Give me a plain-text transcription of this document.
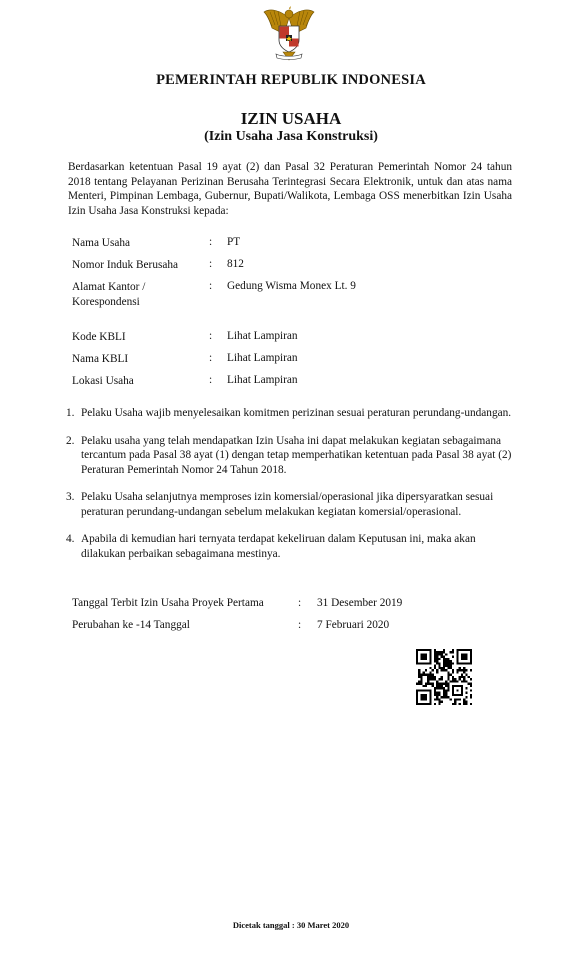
PEMERINTAH REPUBLIK INDONESIA
IZIN USAHA
(Izin Usaha Jasa Konstruksi)

Berdasarkan ketentuan Pasal 19 ayat (2) dan Pasal 32 Peraturan Pemerintah Nomor 24 tahun 2018 tentang Pelayanan Perizinan Berusaha Terintegrasi Secara Elektronik, untuk dan atas nama Menteri, Pimpinan Lembaga, Gubernur, Bupati/Walikota, Lembaga OSS menerbitkan Izin Usaha Izin Usaha Jasa Konstruksi kepada:

Nama Usaha	: PT
Nomor Induk Berusaha	: 812
Alamat Kantor /
Korespondensi
: Gedung Wisma Monex Lt. 9
Kode KBLI	: Lihat Lampiran
Nama KBLI	: Lihat Lampiran
Lokasi Usaha	: Lihat Lampiran
1. Pelaku Usaha wajib menyelesaikan komitmen perizinan sesuai peraturan perundang-undangan.
2. Pelaku usaha yang telah mendapatkan Izin Usaha ini dapat melakukan kegiatan sebagaimana tercantum pada Pasal 38 ayat (1) dengan tetap memperhatikan ketentuan pada Pasal 38 ayat (2) Peraturan Pemerintah Nomor 24 Tahun 2018.
3. Pelaku Usaha selanjutnya memproses izin komersial/operasional jika dipersyaratkan sesuai peraturan perundang-undangan sebelum melakukan kegiatan komersial/operasional.
4. Apabila di kemudian hari ternyata terdapat kekeliruan dalam Keputusan ini, maka akan dilakukan perbaikan sebagaimana mestinya.
Tanggal Terbit Izin Usaha Proyek Pertama	: 31 Desember 2019
Perubahan ke -14 Tanggal	: 7 Februari 2020
Dicetak tanggal : 30 Maret 2020
